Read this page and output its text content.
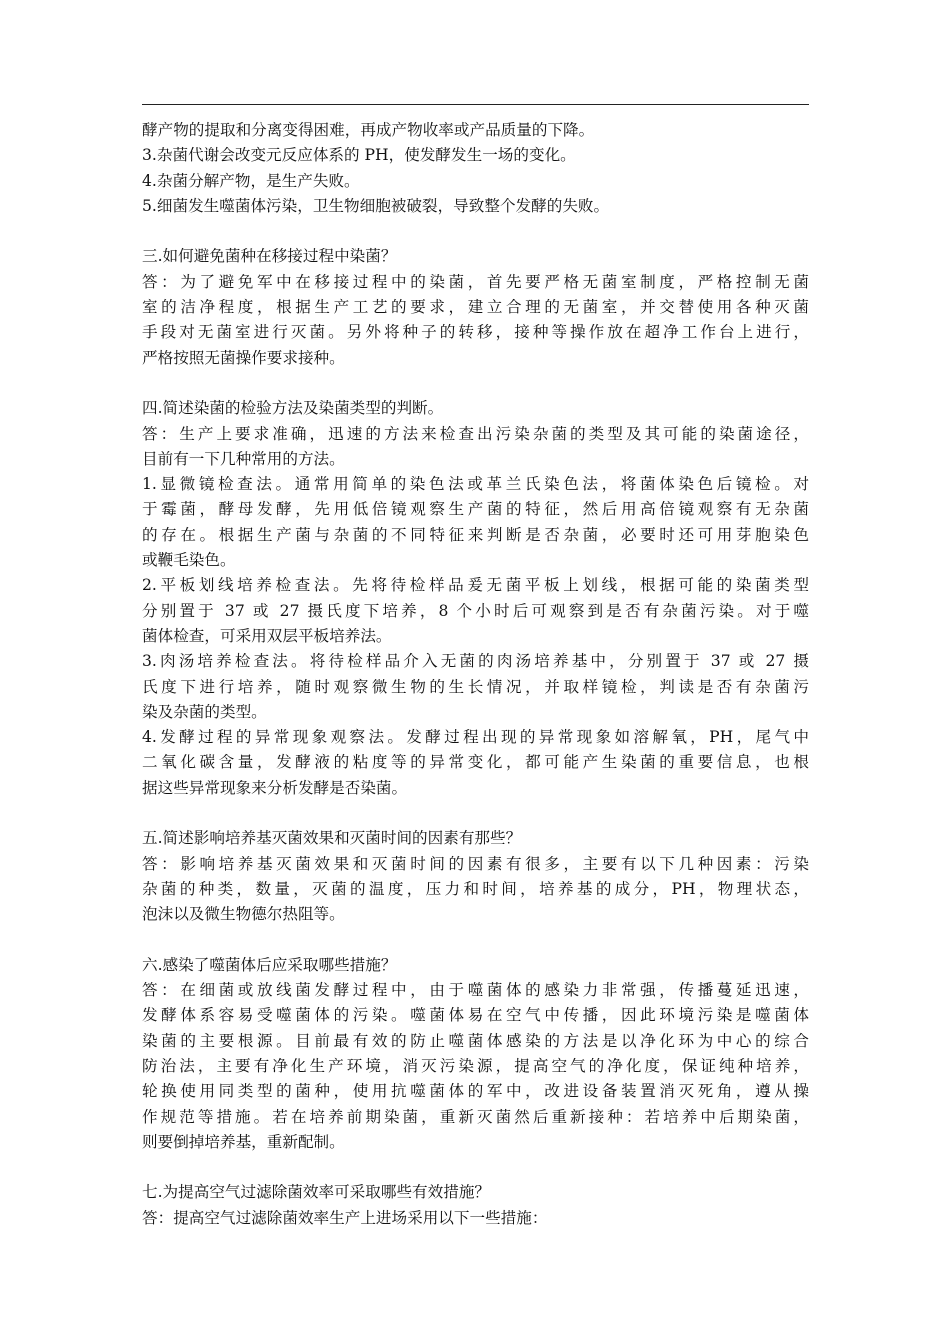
酵产物的提取和分离变得困难，再成产物收率或产品质量的下降。
3.杂菌代谢会改变元反应体系的 PH，使发酵发生一场的变化。
4.杂菌分解产物，是生产失败。
5.细菌发生噬菌体污染，卫生物细胞被破裂，导致整个发酵的失败。
三.如何避免菌种在移接过程中染菌？
答：为了避免军中在移接过程中的染菌，首先要严格无菌室制度，严格控制无菌
室的洁净程度，根据生产工艺的要求，建立合理的无菌室，并交替使用各种灭菌
手段对无菌室进行灭菌。另外将种子的转移，接种等操作放在超净工作台上进行，
严格按照无菌操作要求接种。
四.简述染菌的检验方法及染菌类型的判断。
答：生产上要求准确，迅速的方法来检查出污染杂菌的类型及其可能的染菌途径，
目前有一下几种常用的方法。
1.显微镜检查法。通常用简单的染色法或革兰氏染色法，将菌体染色后镜检。对
于霉菌，酵母发酵，先用低倍镜观察生产菌的特征，然后用高倍镜观察有无杂菌
的存在。根据生产菌与杂菌的不同特征来判断是否杂菌，必要时还可用芽胞染色
或鞭毛染色。
2.平板划线培养检查法。先将待检样品爰无菌平板上划线，根据可能的染菌类型
分别置于 37 或 27 摄氏度下培养，8 个小时后可观察到是否有杂菌污染。对于噬
菌体检查，可采用双层平板培养法。
3.肉汤培养检查法。将待检样品介入无菌的肉汤培养基中，分别置于 37 或 27 摄
氏度下进行培养，随时观察微生物的生长情况，并取样镜检，判读是否有杂菌污
染及杂菌的类型。
4.发酵过程的异常现象观察法。发酵过程出现的异常现象如溶解氧，PH，尾气中
二氧化碳含量，发酵液的粘度等的异常变化，都可能产生染菌的重要信息，也根
据这些异常现象来分析发酵是否染菌。
五.简述影响培养基灭菌效果和灭菌时间的因素有那些？
答：影响培养基灭菌效果和灭菌时间的因素有很多，主要有以下几种因素：污染
杂菌的种类，数量，灭菌的温度，压力和时间，培养基的成分，PH，物理状态，
泡沫以及微生物德尔热阻等。
六.感染了噬菌体后应采取哪些措施？
答：在细菌或放线菌发酵过程中，由于噬菌体的感染力非常强，传播蔓延迅速，
发酵体系容易受噬菌体的污染。噬菌体易在空气中传播，因此环境污染是噬菌体
染菌的主要根源。目前最有效的防止噬菌体感染的方法是以净化环为中心的综合
防治法，主要有净化生产环境，消灭污染源，提高空气的净化度，保证纯种培养，
轮换使用同类型的菌种，使用抗噬菌体的军中，改进设备装置消灭死角，遵从操
作规范等措施。若在培养前期染菌，重新灭菌然后重新接种：若培养中后期染菌，
则要倒掉培养基，重新配制。
七.为提高空气过滤除菌效率可采取哪些有效措施？
答：提高空气过滤除菌效率生产上进场采用以下一些措施：
